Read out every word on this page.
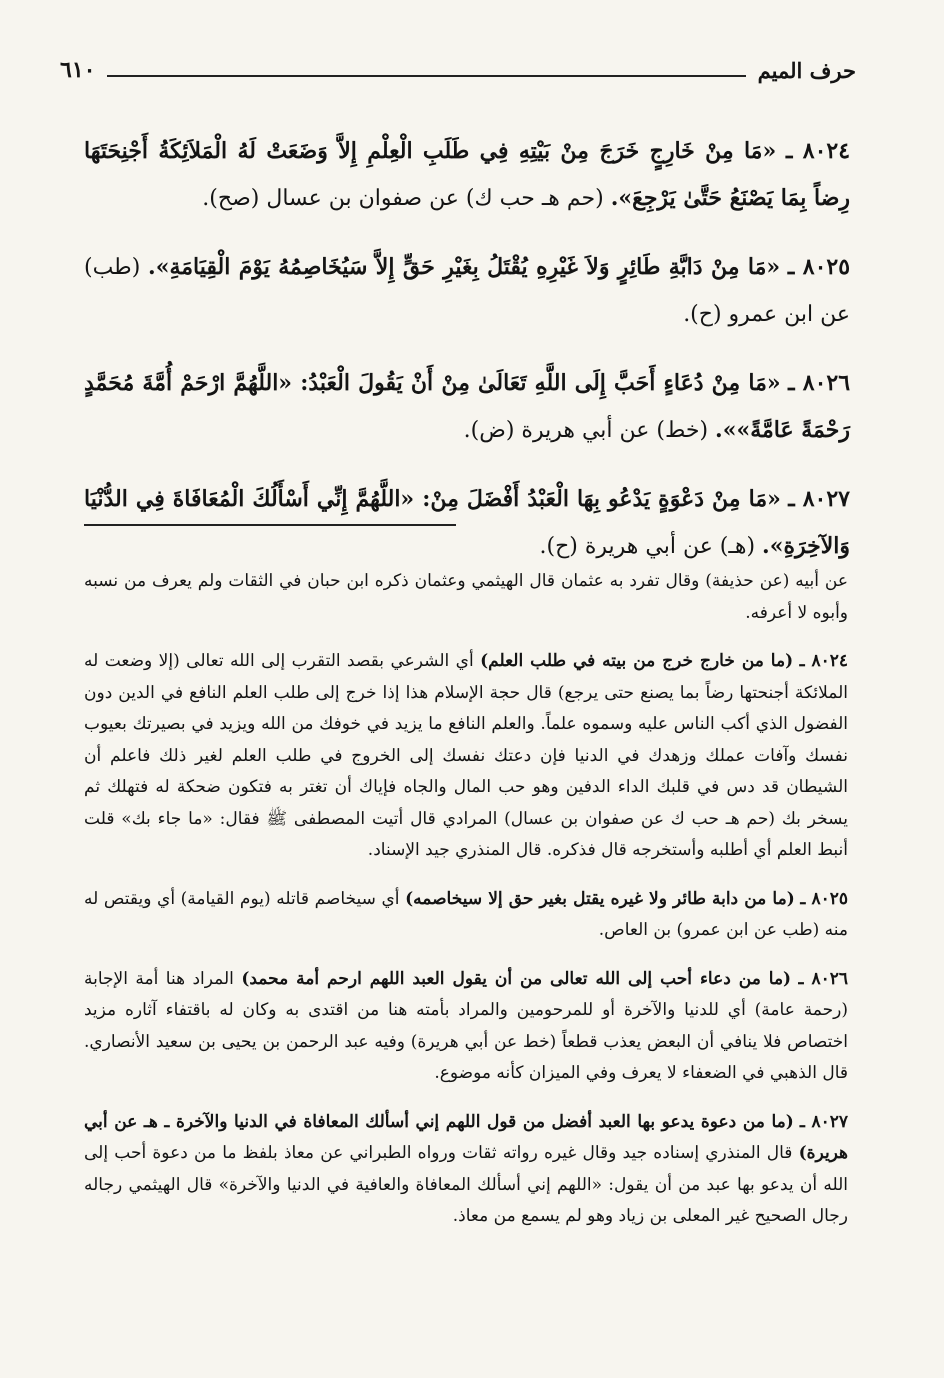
حرف الميم
٦١٠

٨٠٢٤ ـ «مَا مِنْ خَارِجٍ خَرَجَ مِنْ بَيْتِهِ فِي طَلَبِ الْعِلْمِ إِلاَّ وَضَعَتْ لَهُ الْمَلاَئِكَةُ أَجْنِحَتَهَا رِضاً بِمَا يَصْنَعُ حَتَّىٰ يَرْجِعَ». (حم هـ حب ك) عن صفوان بن عسال (صح).

٨٠٢٥ ـ «مَا مِنْ دَابَّةِ طَائِرٍ وَلاَ غَيْرِهِ يُقْتَلُ بِغَيْرِ حَقٍّ إِلاَّ سَيُخَاصِمُهُ يَوْمَ الْقِيَامَةِ». (طب) عن ابن عمرو (ح).

٨٠٢٦ ـ «مَا مِنْ دُعَاءٍ أَحَبَّ إِلَى اللَّهِ تَعَالَىٰ مِنْ أَنْ يَقُولَ الْعَبْدُ: «اللَّهُمَّ ارْحَمْ أُمَّةَ مُحَمَّدٍ رَحْمَةً عَامَّةً»». (خط) عن أبي هريرة (ض).

٨٠٢٧ ـ «مَا مِنْ دَعْوَةٍ يَدْعُو بِهَا الْعَبْدُ أَفْضَلَ مِنْ: «اللَّهُمَّ إِنِّي أَسْأَلُكَ الْمُعَافَاةَ فِي الدُّنْيَا وَالآخِرَةِ». (هـ) عن أبي هريرة (ح).

عن أبيه (عن حذيفة) وقال تفرد به عثمان قال الهيثمي وعثمان ذكره ابن حبان في الثقات ولم يعرف من نسبه وأبوه لا أعرفه.

٨٠٢٤ ـ (ما من خارج خرج من بيته في طلب العلم) أي الشرعي بقصد التقرب إلى الله تعالى (إلا وضعت له الملائكة أجنحتها رضاً بما يصنع حتى يرجع) قال حجة الإسلام هذا إذا خرج إلى طلب العلم النافع في الدين دون الفضول الذي أكب الناس عليه وسموه علماً. والعلم النافع ما يزيد في خوفك من الله ويزيد في بصيرتك بعيوب نفسك وآفات عملك وزهدك في الدنيا فإن دعتك نفسك إلى الخروج في طلب العلم لغير ذلك فاعلم أن الشيطان قد دس في قلبك الداء الدفين وهو حب المال والجاه فإياك أن تغتر به فتكون ضحكة له فتهلك ثم يسخر بك (حم هـ حب ك عن صفوان بن عسال) المرادي قال أتيت المصطفى ﷺ فقال: «ما جاء بك» قلت أنبط العلم أي أطلبه وأستخرجه قال فذكره. قال المنذري جيد الإسناد.

٨٠٢٥ ـ (ما من دابة طائر ولا غيره يقتل بغير حق إلا سيخاصمه) أي سيخاصم قاتله (يوم القيامة) أي ويقتص له منه (طب عن ابن عمرو) بن العاص.

٨٠٢٦ ـ (ما من دعاء أحب إلى الله تعالى من أن يقول العبد اللهم ارحم أمة محمد) المراد هنا أمة الإجابة (رحمة عامة) أي للدنيا والآخرة أو للمرحومين والمراد بأمته هنا من اقتدى به وكان له باقتفاء آثاره مزيد اختصاص فلا ينافي أن البعض يعذب قطعاً (خط عن أبي هريرة) وفيه عبد الرحمن بن يحيى بن سعيد الأنصاري. قال الذهبي في الضعفاء لا يعرف وفي الميزان كأنه موضوع.

٨٠٢٧ ـ (ما من دعوة يدعو بها العبد أفضل من قول اللهم إني أسألك المعافاة في الدنيا والآخرة ـ هـ عن أبي هريرة) قال المنذري إسناده جيد وقال غيره رواته ثقات ورواه الطبراني عن معاذ بلفظ ما من دعوة أحب إلى الله أن يدعو بها عبد من أن يقول: «اللهم إني أسألك المعافاة والعافية في الدنيا والآخرة» قال الهيثمي رجاله رجال الصحيح غير المعلى بن زياد وهو لم يسمع من معاذ.
